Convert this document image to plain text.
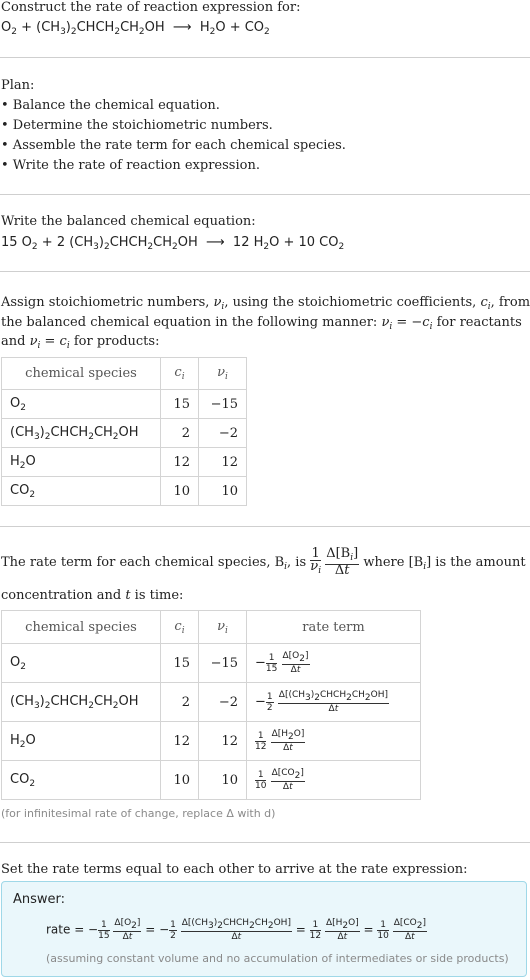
Construct the rate of reaction expression for:
$O_2$ + $(CH_3)_2CHCH_2CH_2OH$  ⟶  $H_2O + CO_2$
Plan:
• Balance the chemical equation.
• Determine the stoichiometric numbers.
• Assemble the rate term for each chemical species.
• Write the rate of reaction expression.
Write the balanced chemical equation:
15 $O_2 + 2$ $(CH_3)_2CHCH_2CH_2OH$  ⟶  12 $H_2O + 10$ $CO_2$
Assign stoichiometric numbers, $\nu_i$, using the stoichiometric coefficients, $c_i$, from
the balanced chemical equation in the following manner: $\nu_i = -c_i$ for reactants
and $\nu_i = c_i$ for products:
chemical species	$c_i$	$\nu_i$
$O_2$	15	−15
$(CH_3)_2CHCH_2CH_2OH$	2	−2
$H_2O$	12	12
$CO_2$	10	10
The rate term for each chemical species, $B_i$, is $\frac{1}{\nu_i}$
$\frac{\Delta[B_i]}{\Delta t}$ where $[B_i]$ is the amount
concentration and t is time:
chemical species	$c_i$	$\nu_i$	rate term
$O_2$	15	−15	− $\frac{1}{15}$
$\frac{\Delta[O_2]}{\Delta t}$

$(CH_3)_2CHCH_2CH_2OH$	2	−2	− $\frac{1}{2}$
$\frac{\Delta[(CH_3)_2CHCH_2CH_2OH]}{\Delta t}$

$H_2O$	12	12	$\frac{1}{12}$
$\frac{\Delta[H_2O]}{\Delta t}$

$CO_2$	10	10	$\frac{1}{10}$
$\frac{\Delta[CO_2]}{\Delta t}$
(for infinitesimal rate of change, replace Δ with d)
Set the rate terms equal to each other to arrive at the rate expression:
Answer:
rate = − $\frac{1}{15}$
$\frac{\Delta[O_2]}{\Delta t}$ = − $\frac{1}{2}$
$\frac{\Delta[(CH_3)_2CHCH_2CH_2OH]}{\Delta t} = \frac{1}{12}$
$\frac{\Delta[H_2O]}{\Delta t} = \frac{1}{10}$
$\frac{\Delta[CO_2]}{\Delta t}$
(assuming constant volume and no accumulation of intermediates or side products)
